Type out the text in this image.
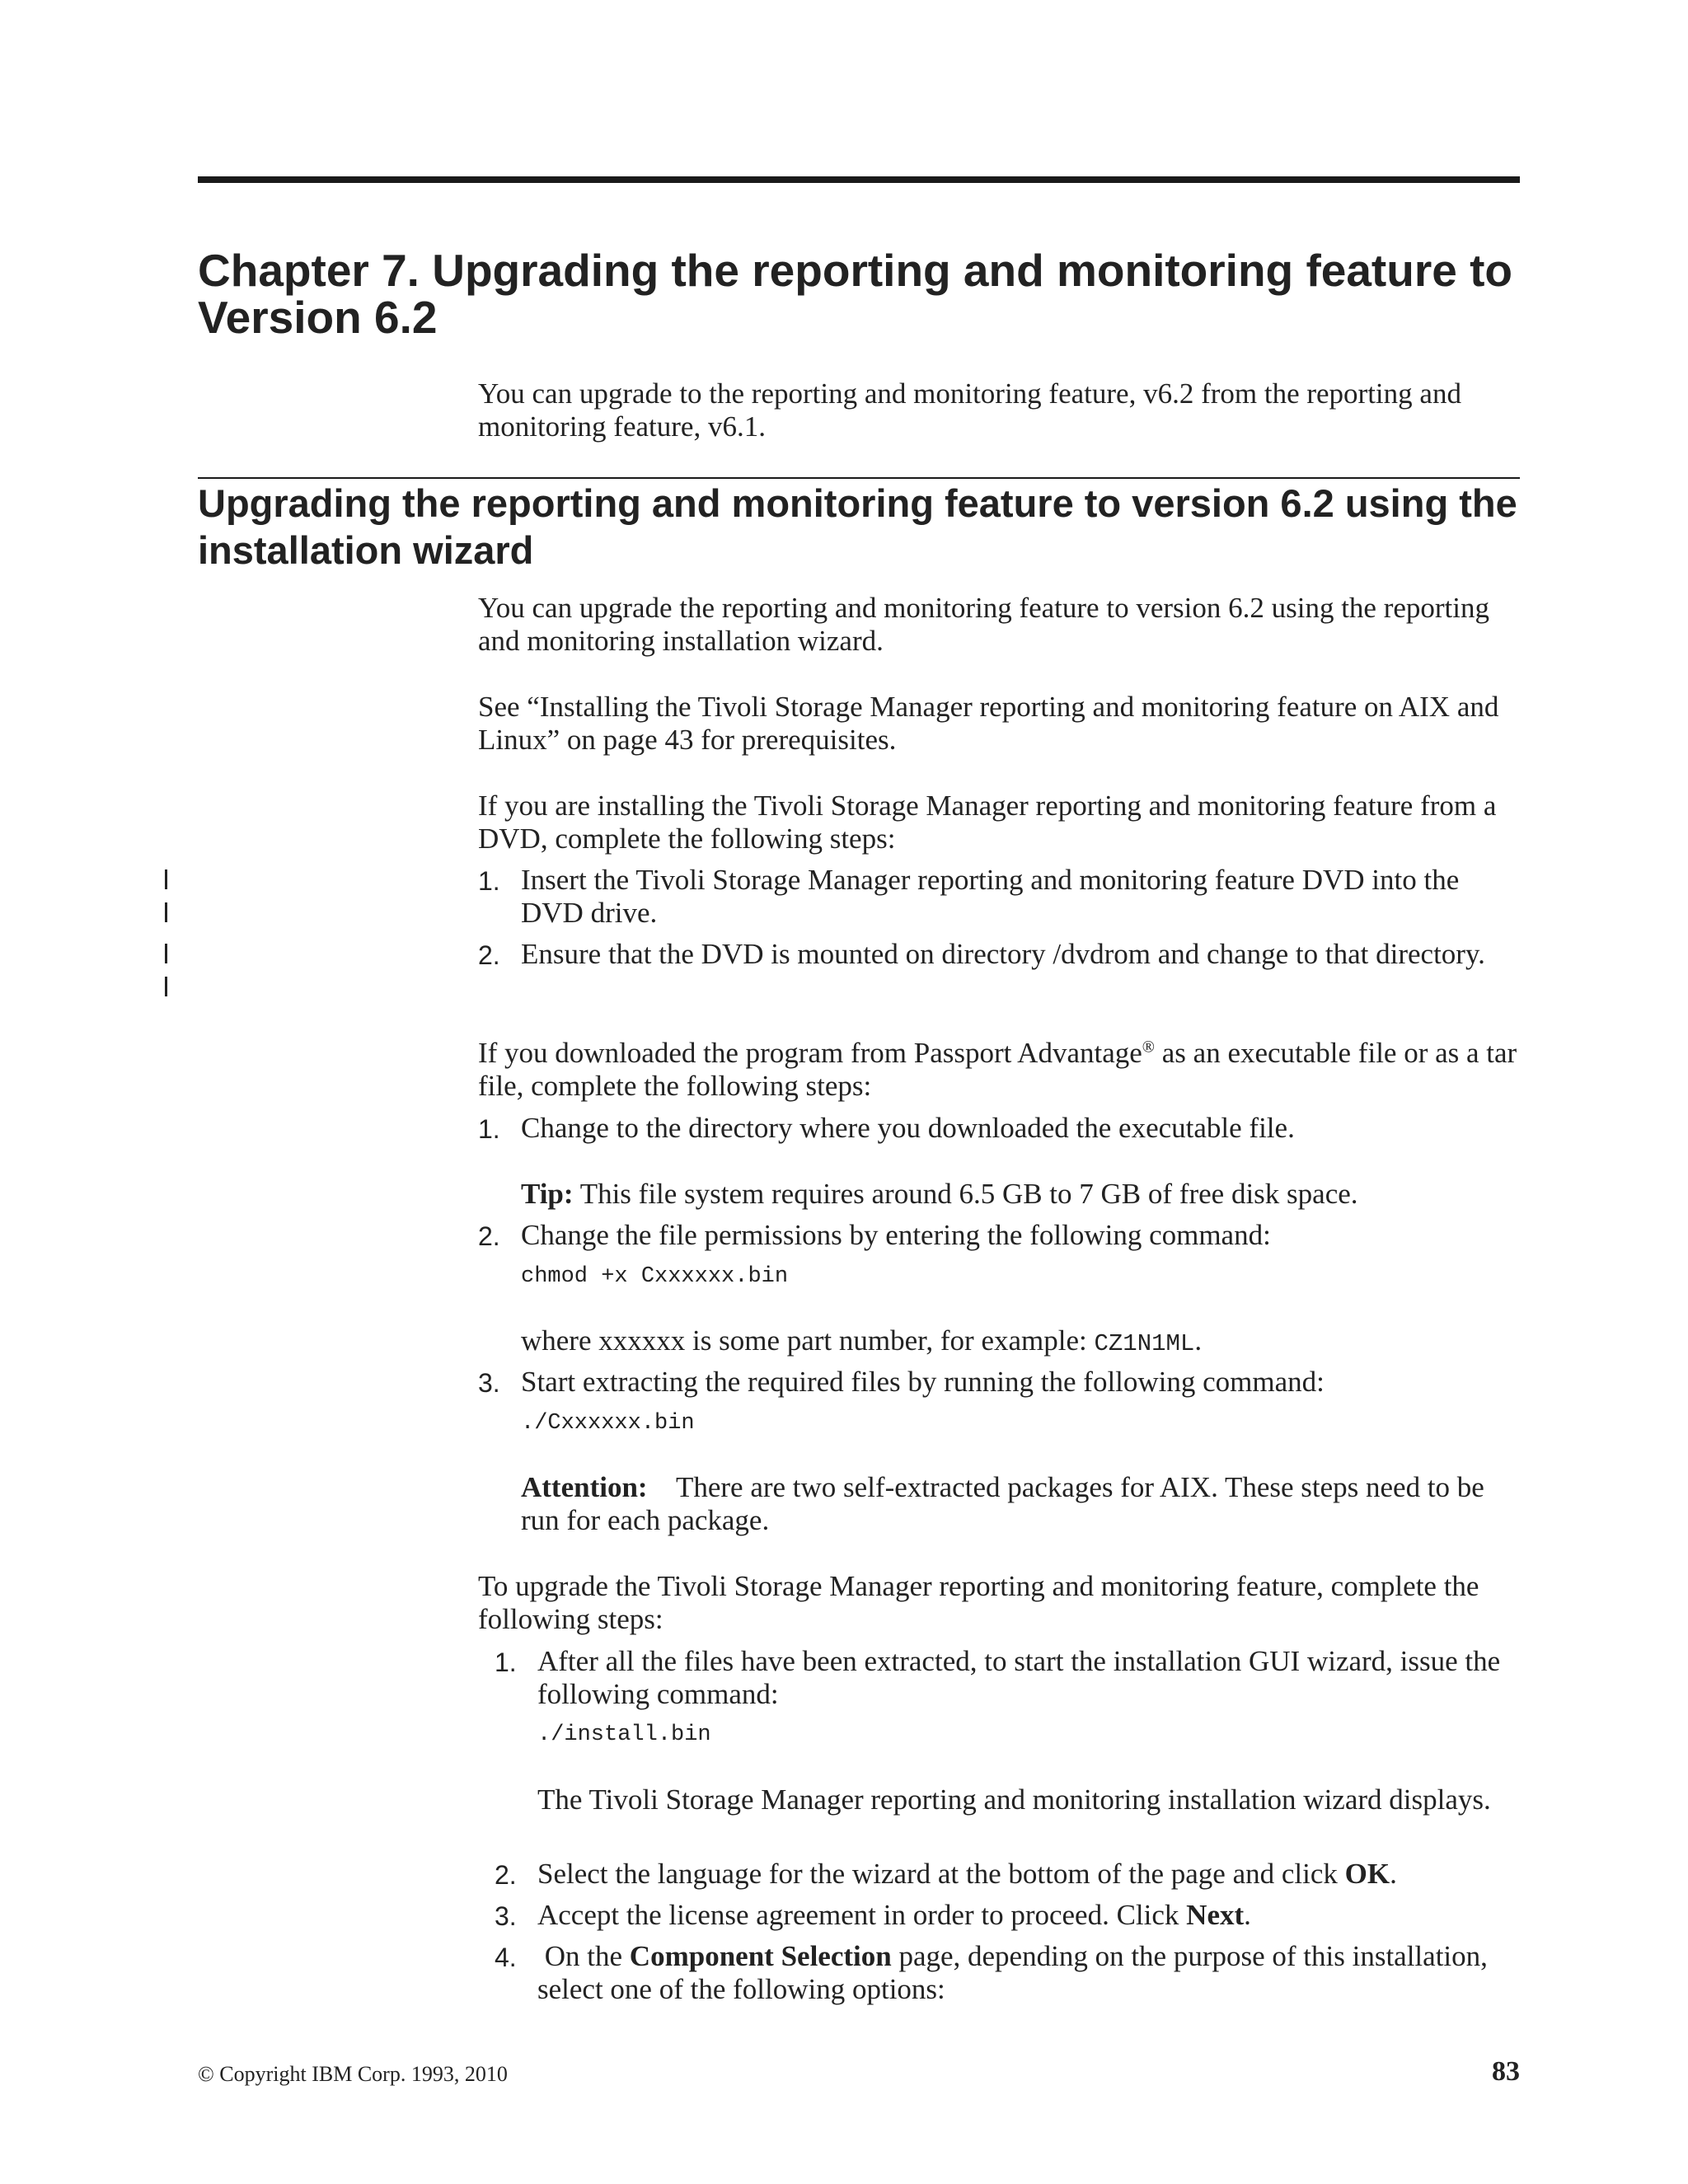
Chapter 7. Upgrading the reporting and monitoring feature to Version 6.2

You can upgrade to the reporting and monitoring feature, v6.2 from the reporting and monitoring feature, v6.1.

Upgrading the reporting and monitoring feature to version 6.2 using the installation wizard

You can upgrade the reporting and monitoring feature to version 6.2 using the reporting and monitoring installation wizard.

See “Installing the Tivoli Storage Manager reporting and monitoring feature on AIX and Linux” on page 43 for prerequisites.

If you are installing the Tivoli Storage Manager reporting and monitoring feature from a DVD, complete the following steps:

1. Insert the Tivoli Storage Manager reporting and monitoring feature DVD into the DVD drive.

2. Ensure that the DVD is mounted on directory /dvdrom and change to that directory.

If you downloaded the program from Passport Advantage® as an executable file or as a tar file, complete the following steps:

1. Change to the directory where you downloaded the executable file.

Tip: This file system requires around 6.5 GB to 7 GB of free disk space.

2. Change the file permissions by entering the following command:

chmod +x Cxxxxxx.bin

where xxxxxx is some part number, for example: CZ1N1ML.

3. Start extracting the required files by running the following command:

./Cxxxxxx.bin

Attention: There are two self-extracted packages for AIX. These steps need to be run for each package.

To upgrade the Tivoli Storage Manager reporting and monitoring feature, complete the following steps:

1. After all the files have been extracted, to start the installation GUI wizard, issue the following command:

./install.bin

The Tivoli Storage Manager reporting and monitoring installation wizard displays.

2. Select the language for the wizard at the bottom of the page and click OK.

3. Accept the license agreement in order to proceed. Click Next.

4. On the Component Selection page, depending on the purpose of this installation, select one of the following options:

© Copyright IBM Corp. 1993, 2010	83
